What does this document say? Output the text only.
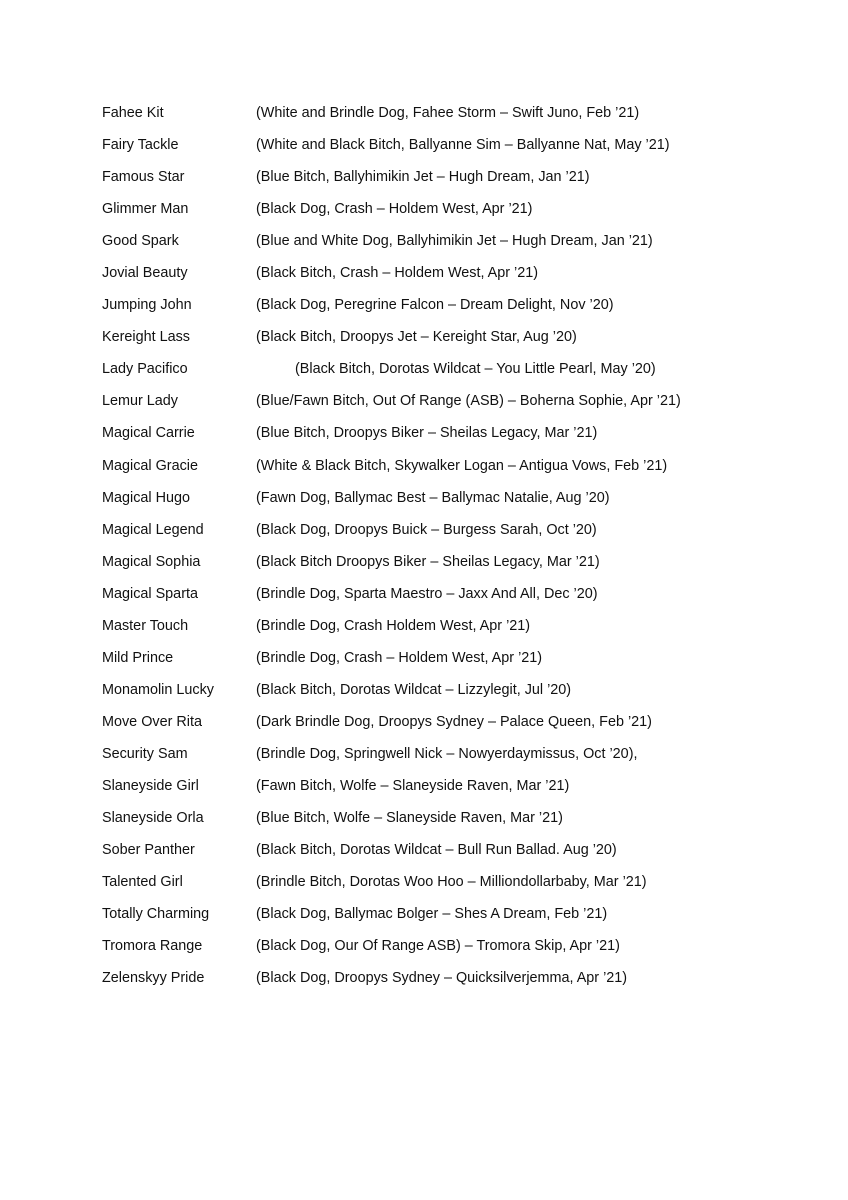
Fahee Kit	(White and Brindle Dog, Fahee Storm – Swift Juno, Feb ’21)
Fairy Tackle	(White and Black Bitch, Ballyanne Sim – Ballyanne Nat, May ’21)
Famous Star	(Blue Bitch, Ballyhimikin Jet – Hugh Dream, Jan ’21)
Glimmer Man	(Black Dog, Crash – Holdem West, Apr ’21)
Good Spark	(Blue and White Dog, Ballyhimikin Jet – Hugh Dream, Jan ’21)
Jovial Beauty	(Black Bitch, Crash – Holdem West, Apr ’21)
Jumping John	(Black Dog, Peregrine Falcon – Dream Delight, Nov ’20)
Kereight Lass	(Black Bitch, Droopys Jet – Kereight Star, Aug ’20)
Lady Pacifico	(Black Bitch, Dorotas Wildcat – You Little Pearl, May ’20)
Lemur Lady	(Blue/Fawn Bitch, Out Of Range (ASB) – Boherna Sophie, Apr ’21)
Magical Carrie	(Blue Bitch, Droopys Biker – Sheilas Legacy, Mar ’21)
Magical Gracie	(White & Black Bitch, Skywalker Logan – Antigua Vows, Feb ’21)
Magical Hugo	(Fawn Dog, Ballymac Best – Ballymac Natalie, Aug ’20)
Magical Legend	(Black Dog, Droopys Buick – Burgess Sarah, Oct ’20)
Magical Sophia	(Black Bitch Droopys Biker – Sheilas Legacy, Mar ’21)
Magical Sparta	(Brindle Dog, Sparta Maestro – Jaxx And All, Dec ’20)
Master Touch	(Brindle Dog, Crash Holdem West, Apr ’21)
Mild Prince	(Brindle Dog, Crash – Holdem West, Apr ’21)
Monamolin Lucky	(Black Bitch, Dorotas Wildcat – Lizzylegit, Jul ’20)
Move Over Rita	(Dark Brindle Dog, Droopys Sydney – Palace Queen, Feb ’21)
Security Sam	(Brindle Dog, Springwell Nick – Nowyerdaymissus, Oct ’20),
Slaneyside Girl	(Fawn Bitch, Wolfe – Slaneyside Raven, Mar ’21)
Slaneyside Orla	(Blue Bitch, Wolfe – Slaneyside Raven, Mar ’21)
Sober Panther	(Black Bitch, Dorotas Wildcat – Bull Run Ballad. Aug ’20)
Talented Girl	(Brindle Bitch, Dorotas Woo Hoo – Milliondollarbaby, Mar ’21)
Totally Charming	(Black Dog, Ballymac Bolger – Shes A Dream, Feb ’21)
Tromora Range	(Black Dog, Our Of Range ASB) – Tromora Skip, Apr ’21)
Zelenskyy Pride	(Black Dog, Droopys Sydney – Quicksilverjemma, Apr ’21)
